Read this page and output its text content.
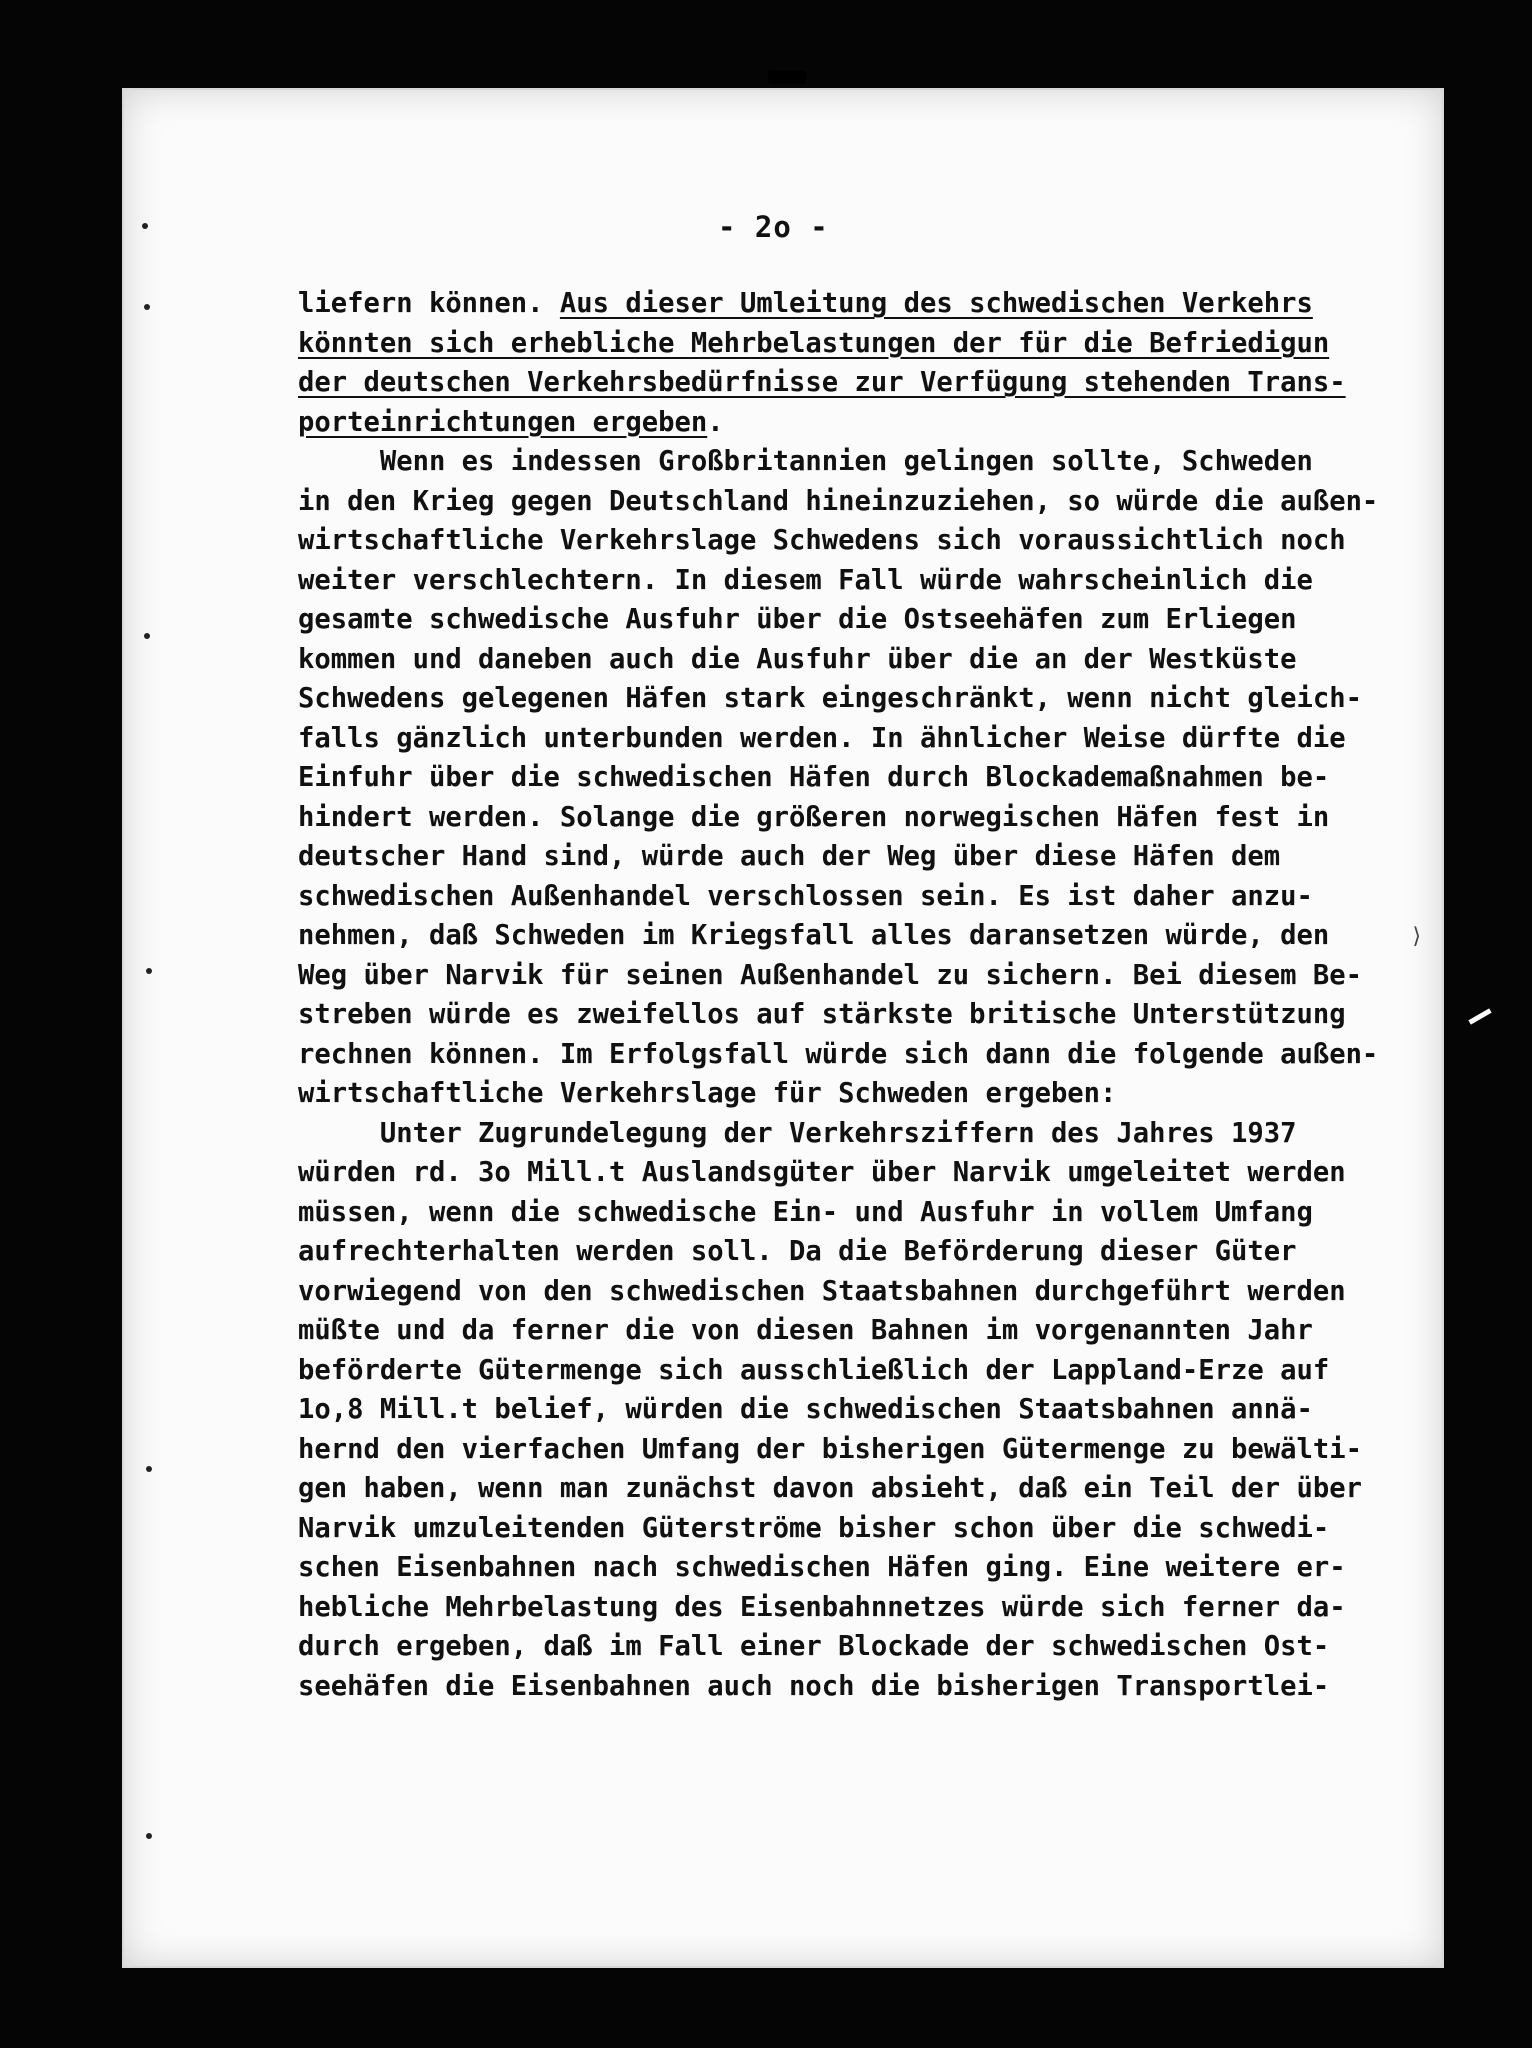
- 2o -
liefern können. Aus dieser Umleitung des schwedischen Verkehrs
könnten sich erhebliche Mehrbelastungen der für die Befriedigun
der deutschen Verkehrsbedürfnisse zur Verfügung stehenden Trans-
porteinrichtungen ergeben.
Wenn es indessen Großbritannien gelingen sollte, Schweden
in den Krieg gegen Deutschland hineinzuziehen, so würde die außen-
wirtschaftliche Verkehrslage Schwedens sich voraussichtlich noch
weiter verschlechtern. In diesem Fall würde wahrscheinlich die
gesamte schwedische Ausfuhr über die Ostseehäfen zum Erliegen
kommen und daneben auch die Ausfuhr über die an der Westküste
Schwedens gelegenen Häfen stark eingeschränkt, wenn nicht gleich-
falls gänzlich unterbunden werden. In ähnlicher Weise dürfte die
Einfuhr über die schwedischen Häfen durch Blockademaßnahmen be-
hindert werden. Solange die größeren norwegischen Häfen fest in
deutscher Hand sind, würde auch der Weg über diese Häfen dem
schwedischen Außenhandel verschlossen sein. Es ist daher anzu-
nehmen, daß Schweden im Kriegsfall alles daransetzen würde, den
Weg über Narvik für seinen Außenhandel zu sichern. Bei diesem Be-
streben würde es zweifellos auf stärkste britische Unterstützung
rechnen können. Im Erfolgsfall würde sich dann die folgende außen-
wirtschaftliche Verkehrslage für Schweden ergeben:
Unter Zugrundelegung der Verkehrsziffern des Jahres 1937
würden rd. 3o Mill.t Auslandsgüter über Narvik umgeleitet werden
müssen, wenn die schwedische Ein- und Ausfuhr in vollem Umfang
aufrechterhalten werden soll. Da die Beförderung dieser Güter
vorwiegend von den schwedischen Staatsbahnen durchgeführt werden
müßte und da ferner die von diesen Bahnen im vorgenannten Jahr
beförderte Gütermenge sich ausschließlich der Lappland-Erze auf
1o,8 Mill.t belief, würden die schwedischen Staatsbahnen annä-
hernd den vierfachen Umfang der bisherigen Gütermenge zu bewälti-
gen haben, wenn man zunächst davon absieht, daß ein Teil der über
Narvik umzuleitenden Güterströme bisher schon über die schwedi-
schen Eisenbahnen nach schwedischen Häfen ging. Eine weitere er-
hebliche Mehrbelastung des Eisenbahnnetzes würde sich ferner da-
durch ergeben, daß im Fall einer Blockade der schwedischen Ost-
seehäfen die Eisenbahnen auch noch die bisherigen Transportlei-
⟩
